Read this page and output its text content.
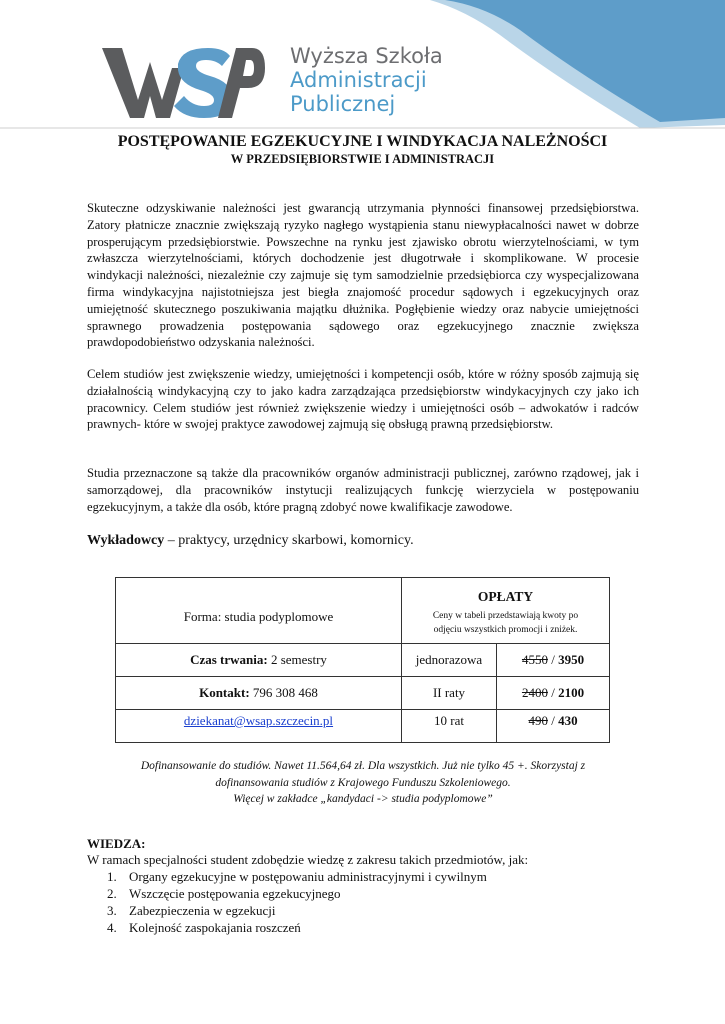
Wyższa Szkoła
Administracji
Publicznej
POSTĘPOWANIE EGZEKUCYJNE I WINDYKACJA NALEŻNOŚCI
W PRZEDSIĘBIORSTWIE I ADMINISTRACJI

Skuteczne odzyskiwanie należności jest gwarancją utrzymania płynności finansowej przedsiębiorstwa. Zatory płatnicze znacznie zwiększają ryzyko nagłego wystąpienia stanu niewypłacalności nawet w dobrze prosperującym przedsiębiorstwie. Powszechne na rynku jest zjawisko obrotu wierzytelnościami, w tym zwłaszcza wierzytelnościami, których dochodzenie jest długotrwałe i skomplikowane. W procesie windykacji należności, niezależnie czy zajmuje się tym samodzielnie przedsiębiorca czy wyspecjalizowana firma windykacyjna najistotniejsza jest biegła znajomość procedur sądowych i egzekucyjnych oraz umiejętność skutecznego poszukiwania majątku dłużnika. Pogłębienie wiedzy oraz nabycie umiejętności sprawnego prowadzenia postępowania sądowego oraz egzekucyjnego znacznie zwiększa prawdopodobieństwo odzyskania należności.

Celem studiów jest zwiększenie wiedzy, umiejętności i kompetencji osób, które w różny sposób zajmują się działalnością windykacyjną czy to jako kadra zarządzająca przedsiębiorstw windykacyjnych czy jako ich pracownicy. Celem studiów jest również zwiększenie wiedzy i umiejętności osób – adwokatów i radców prawnych- które w swojej praktyce zawodowej zajmują się obsługą prawną przedsiębiorstw.

Studia przeznaczone są także dla pracowników organów administracji publicznej, zarówno rządowej, jak i samorządowej, dla pracowników instytucji realizujących funkcję wierzyciela w postępowaniu egzekucyjnym, a także dla osób, które pragną zdobyć nowe kwalifikacje zawodowe.

Wykładowcy – praktycy, urzędnicy skarbowi, komornicy.
Forma: studia podyplomowe	OPŁATY
Ceny w tabeli przedstawiają kwoty po
odjęciu wszystkich promocji i zniżek.	

Czas trwania: 2 semestry	jednorazowa	4550 / 3950
Kontakt: 796 308 468	II raty	2400 / 2100
dziekanat@wsap.szczecin.pl	10 rat	490 / 430
Dofinansowanie do studiów. Nawet 11.564,64 zł. Dla wszystkich. Już nie tylko 45 +. Skorzystaj z
dofinansowania studiów z Krajowego Funduszu Szkoleniowego.
Więcej w zakładce „kandydaci -> studia podyplomowe”
WIEDZA:
W ramach specjalności student zdobędzie wiedzę z zakresu takich przedmiotów, jak:
1. Organy egzekucyjne w postępowaniu administracyjnymi i cywilnym
2. Wszczęcie postępowania egzekucyjnego
3. Zabezpieczenia w egzekucji
4. Kolejność zaspokajania roszczeń
